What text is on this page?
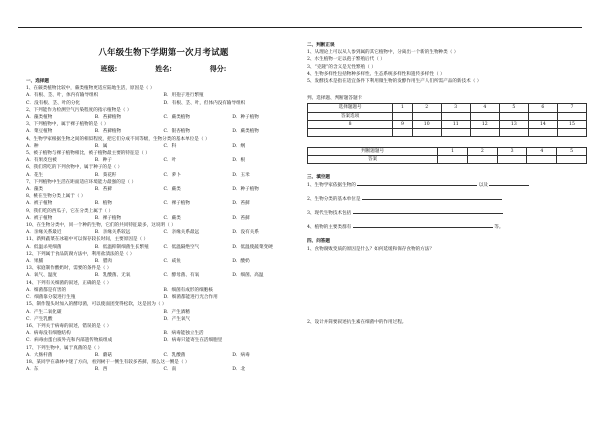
八年级生物下学期第一次月考试题
班级:	姓名:	得分:
一、选择题
1、在蕨类植物比较中，蕨类植物更适应陆地生活，原因是（ ）
A．有根、茎、叶，体内有输导组织	B．用孢子进行繁殖
C．没有根、茎、叶的分化	D．有根、茎、叶，但体内没有输导组织
2、下列能作为检测空气污染程度的指示植物是（ ）
A．藻类植物	B．苔藓植物	C．蕨类植物	D．种子植物
3、下列植物中，属于裸子植物的是（ ）
A．菜豆植物	B．苔藓植物	C．银杏植物	D．蕨类植物
4、生物学家根据生物之间的相似程度，把它们分成不同等级，生物分类的基本单位是（ ）
A．种	B．属	C．科	D．纲
5、被子植物与裸子植物相比，被子植物最主要的特征是（ ）
A．有果皮包被	B．种子	C．叶	D．根
6、我们常吃的下列食物中，属于种子的是（ ）
A．花生	B．葵花籽	C．萝卜	D．玉米
7、下列植物中生活在距面适应环境能力最强的是（ ）
A．藻类	B．苔藓	C．蕨类	D．种子植物
8、桃在生物分类上属于（ ）
A．被子植物	B．植物	C．裸子植物	D．苔藓
9、我们吃的西瓜子，它在分类上属于（ ）
A．被子植物	B．裸子植物	C．蕨类	D．苔藓
10、在生物分类中，同一个种的生物，它们的共同特征最多，这说明（ ）
A．亲缘关系最近	B．亲缘关系较远	C．亲缘关系最远	D．没有关系
11、新鲜蔬菜在冰箱中可以保存较长时间，主要原因是（ ）
A．低温杀死细菌	B．低温抑制细菌生长繁殖	C．低温隔绝空气	D．低温使蔬菜变硬
12、下列属于食品防腐方法中，利用盐渍法的是（ ）
A．果脯	B．腊肉	C．咸鱼	D．酸奶
13、家庭制作酸奶时，需要的条件是（ ）
A．氧气、温度	B．乳酸菌、无氧	C．酵母菌、有氧	D．细菌、高温
14、下列有关细菌的叙述，正确的是（ ）
A．细菌都是有害的	B．细菌有成形的细胞核
C．细菌靠分裂进行生殖	D．细菌都能进行光合作用
15、制作馒头时加入的酵母菌，可以使面团变得松软，这是因为（ ）
A．产生二氧化碳	B．产生酒精
C．产生乳酸	D．产生氧气
16、下列关于病毒的叙述，错误的是（ ）
A．病毒没有细胞结构	B．病毒能独立生活
C．病毒由蛋白质外壳和内部遗传物质组成	D．病毒只能寄生在活细胞里
17、下列生物中，属于真菌的是（ ）
A．大肠杆菌	B．蘑菇	C．乳酸菌	D．病毒
18、某同学在森林中迷了方向，看到树干一侧生有较多苔藓，那么这一侧是（ ）
A．东	B．西	C．南	D．北
二、判断正误
1、从理论上可以从人参到属的其它植物中，分离出一个新的生物种类（ ）
2、水生植物一定以孢子繁殖后代（ ）
3、“克隆”的含义是无性繁殖（ ）
4、生物多样性包括物种多样性、生态系统多样性和遗传多样性（ ）
5、发酵技术是指在适宜条件下利用微生物的发酵作用生产人们所需产品的新技术（ ）
判、选择题、判断题答题卡
选择题题号	1	2	3	4	5	6	7
答案选项							
8	9	10	11	12	13	14	15

判断题题号	1	2	3	4	5
答案					
三、填空题
1、生物学家依据生物的	以及
2、生物分类的基本单位是
3、现代生物技术包括
4、植物的主要类群有	等。
四、问答题
1、食物腐败变质的原因是什么？如何延缓和保存食物的方法？
2、设计并简要叙述抗生素在细菌中的作用过程。
